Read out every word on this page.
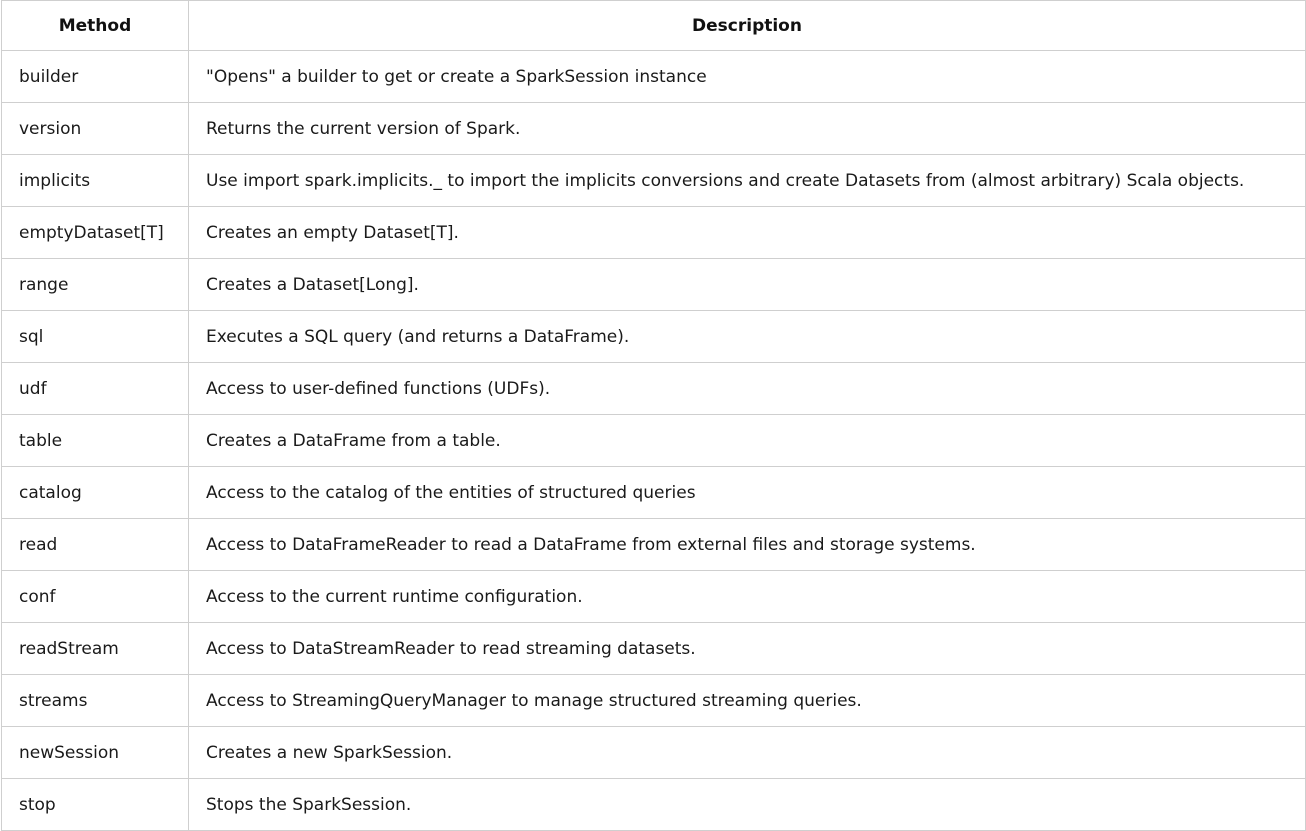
Method	Description
builder	"Opens" a builder to get or create a SparkSession instance
version	Returns the current version of Spark.
implicits	Use import spark.implicits._ to import the implicits conversions and create Datasets from (almost arbitrary) Scala objects.
emptyDataset[T]	Creates an empty Dataset[T].
range	Creates a Dataset[Long].
sql	Executes a SQL query (and returns a DataFrame).
udf	Access to user-defined functions (UDFs).
table	Creates a DataFrame from a table.
catalog	Access to the catalog of the entities of structured queries
read	Access to DataFrameReader to read a DataFrame from external files and storage systems.
conf	Access to the current runtime configuration.
readStream	Access to DataStreamReader to read streaming datasets.
streams	Access to StreamingQueryManager to manage structured streaming queries.
newSession	Creates a new SparkSession.
stop	Stops the SparkSession.
